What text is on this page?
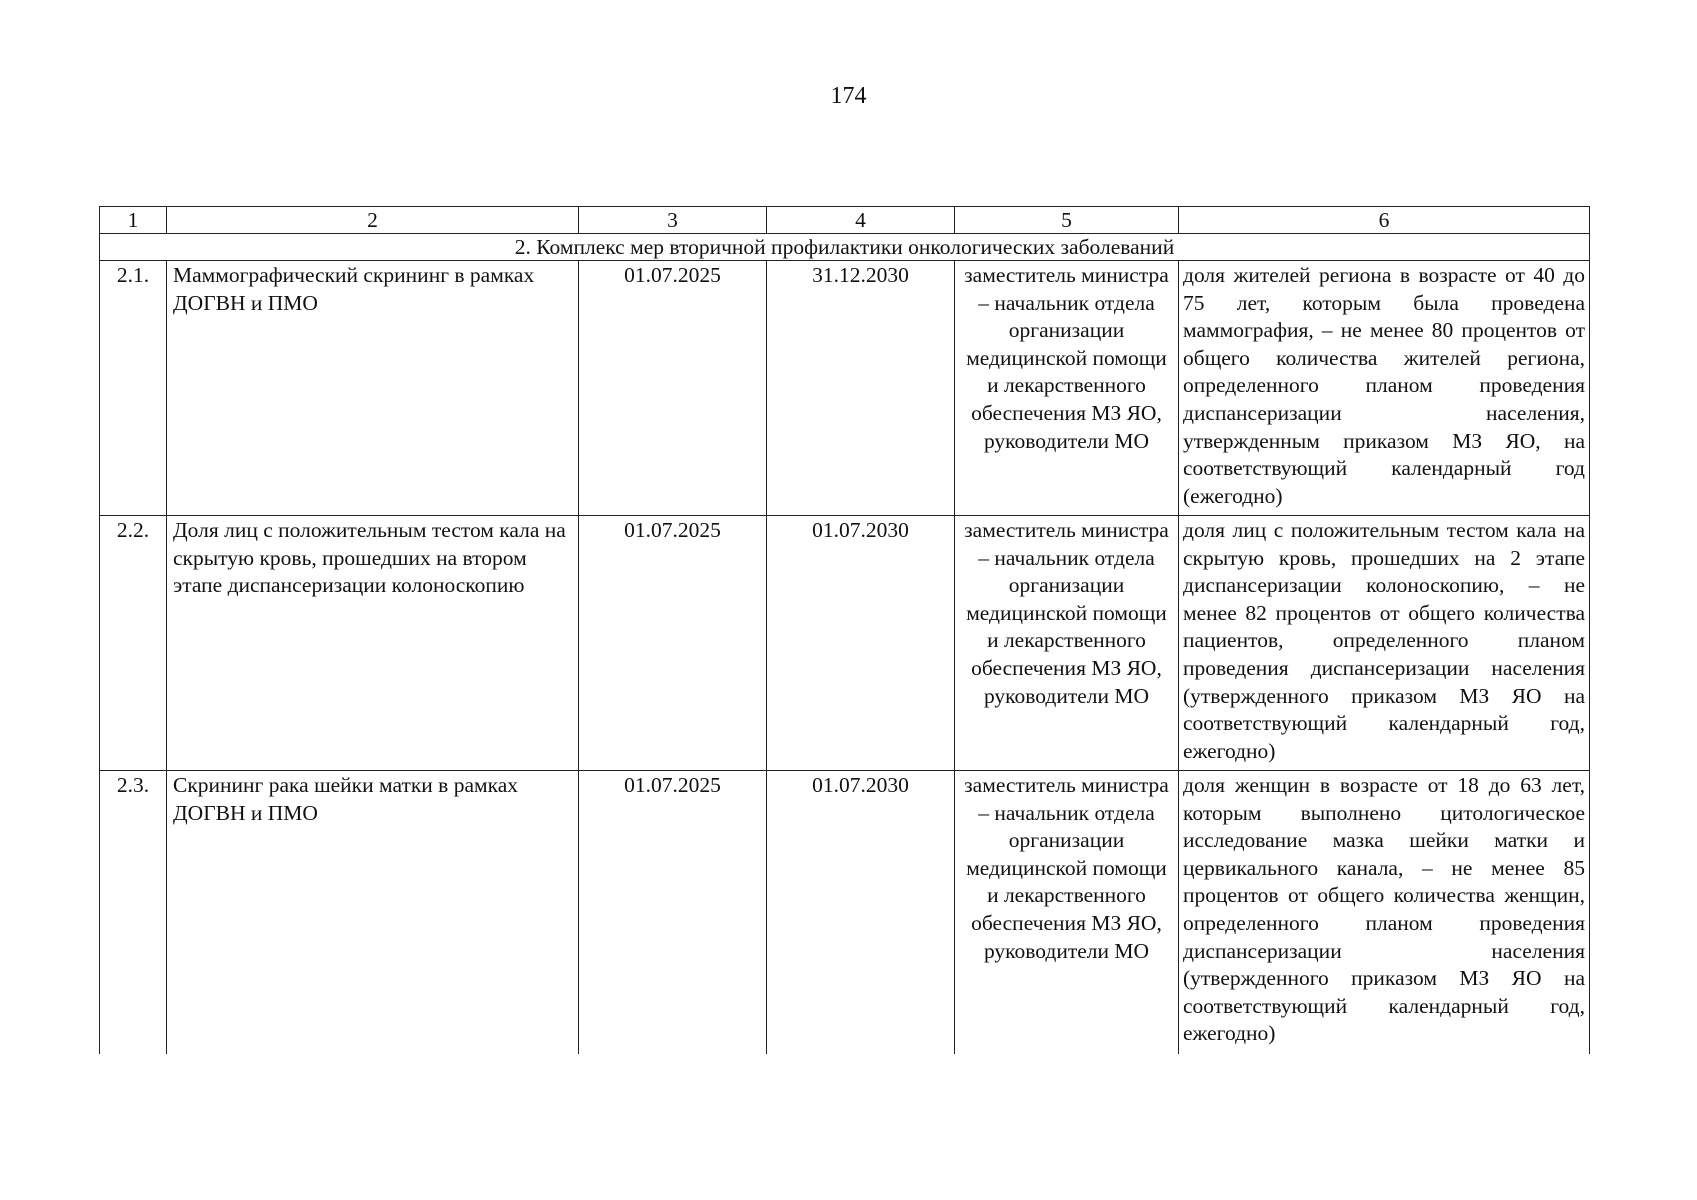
174
1	2	3	4	5	6
2. Комплекс мер вторичной профилактики онкологических заболеваний					
2.1.	Маммографический скрининг в рамках ДОГВН и ПМО	01.07.2025	31.12.2030	заместитель министра – начальник отдела организации медицинской помощи и лекарственного обеспечения МЗ ЯО, руководители МО	доля жителей региона в возрасте от 40 до 75 лет, которым была проведена маммография, – не менее 80 процентов от общего количества жителей региона, определенного планом проведения диспансеризации населения, утвержденным приказом МЗ ЯО, на соответствующий календарный год (ежегодно)
2.2.	Доля лиц с положительным тестом кала на скрытую кровь, прошедших на втором этапе диспансеризации колоноскопию	01.07.2025	01.07.2030	заместитель министра – начальник отдела организации медицинской помощи и лекарственного обеспечения МЗ ЯО, руководители МО	доля лиц с положительным тестом кала на скрытую кровь, прошедших на 2 этапе диспансеризации колоноскопию, – не менее 82 процентов от общего количества пациентов, определенного планом проведения диспансеризации населения (утвержденного приказом МЗ ЯО на соответствующий календарный год, ежегодно)
2.3.	Скрининг рака шейки матки в рамках ДОГВН и ПМО	01.07.2025	01.07.2030	заместитель министра – начальник отдела организации медицинской помощи и лекарственного обеспечения МЗ ЯО, руководители МО	доля женщин в возрасте от 18 до 63 лет, которым выполнено цитологическое исследование мазка шейки матки и цервикального канала, – не менее 85 процентов от общего количества женщин, определенного планом проведения диспансеризации населения (утвержденного приказом МЗ ЯО на соответствующий календарный год, ежегодно)
